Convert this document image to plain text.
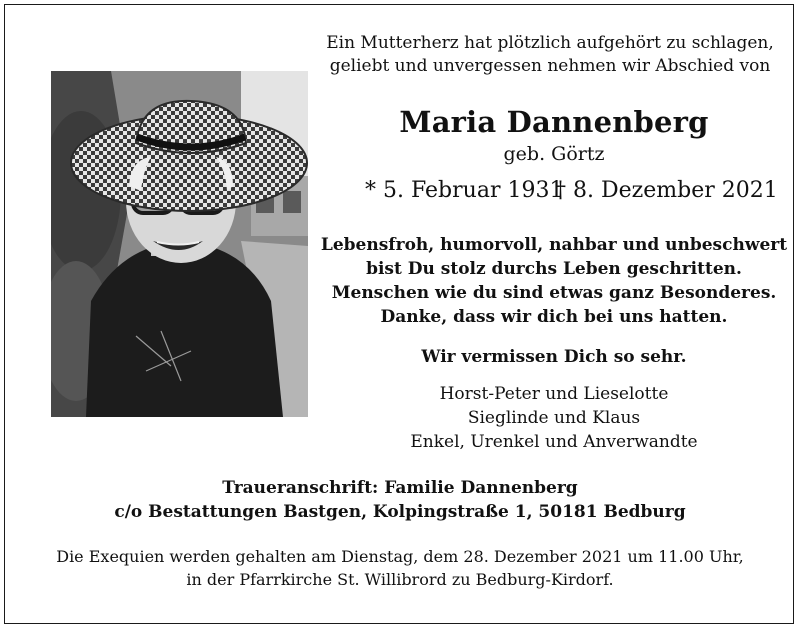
Ein Mutterherz hat plötzlich aufgehört zu schlagen,
geliebt und unvergessen nehmen wir Abschied von
Maria Dannenberg
geb. Görtz
* 5. Februar 1931
† 8. Dezember 2021
Lebensfroh, humorvoll, nahbar und unbeschwert
bist Du stolz durchs Leben geschritten.
Menschen wie du sind etwas ganz Besonderes.
Danke, dass wir dich bei uns hatten.
Wir vermissen Dich so sehr.
Horst-Peter und Lieselotte
Sieglinde und Klaus
Enkel, Urenkel und Anverwandte
Traueranschrift: Familie Dannenberg
c/o Bestattungen Bastgen, Kolpingstraße 1, 50181 Bedburg
Die Exequien werden gehalten am Dienstag, dem 28. Dezember 2021 um 11.00 Uhr,
in der Pfarrkirche St. Willibrord zu Bedburg-Kirdorf.
